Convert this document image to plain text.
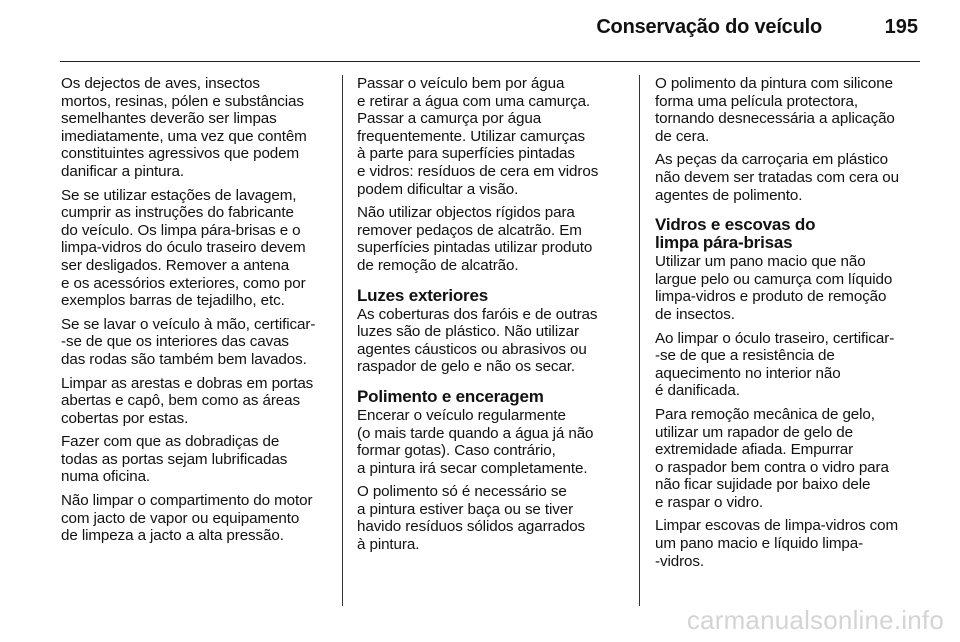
Conservação do veículo	195

Os dejectos de aves, insectos
mortos, resinas, pólen e substâncias
semelhantes deverão ser limpas
imediatamente, uma vez que contêm
constituintes agressivos que podem
danificar a pintura.

Se se utilizar estações de lavagem,
cumprir as instruções do fabricante
do veículo. Os limpa pára-brisas e o
limpa-vidros do óculo traseiro devem
ser desligados. Remover a antena
e os acessórios exteriores, como por
exemplos barras de tejadilho, etc.

Se se lavar o veículo à mão, certificar-
-se de que os interiores das cavas
das rodas são também bem lavados.

Limpar as arestas e dobras em portas
abertas e capô, bem como as áreas
cobertas por estas.

Fazer com que as dobradiças de
todas as portas sejam lubrificadas
numa oficina.

Não limpar o compartimento do motor
com jacto de vapor ou equipamento
de limpeza a jacto a alta pressão.

Passar o veículo bem por água
e retirar a água com uma camurça.
Passar a camurça por água
frequentemente. Utilizar camurças
à parte para superfícies pintadas
e vidros: resíduos de cera em vidros
podem dificultar a visão.

Não utilizar objectos rígidos para
remover pedaços de alcatrão. Em
superfícies pintadas utilizar produto
de remoção de alcatrão.

Luzes exteriores

As coberturas dos faróis e de outras
luzes são de plástico. Não utilizar
agentes cáusticos ou abrasivos ou
raspador de gelo e não os secar.

Polimento e enceragem

Encerar o veículo regularmente
(o mais tarde quando a água já não
formar gotas). Caso contrário,
a pintura irá secar completamente.

O polimento só é necessário se
a pintura estiver baça ou se tiver
havido resíduos sólidos agarrados
à pintura.

O polimento da pintura com silicone
forma uma película protectora,
tornando desnecessária a aplicação
de cera.

As peças da carroçaria em plástico
não devem ser tratadas com cera ou
agentes de polimento.

Vidros e escovas do
limpa pára-brisas

Utilizar um pano macio que não
largue pelo ou camurça com líquido
limpa-vidros e produto de remoção
de insectos.

Ao limpar o óculo traseiro, certificar-
-se de que a resistência de
aquecimento no interior não
é danificada.

Para remoção mecânica de gelo,
utilizar um rapador de gelo de
extremidade afiada. Empurrar
o raspador bem contra o vidro para
não ficar sujidade por baixo dele
e raspar o vidro.

Limpar escovas de limpa-vidros com
um pano macio e líquido limpa-
-vidros.

carmanualsonline.info
